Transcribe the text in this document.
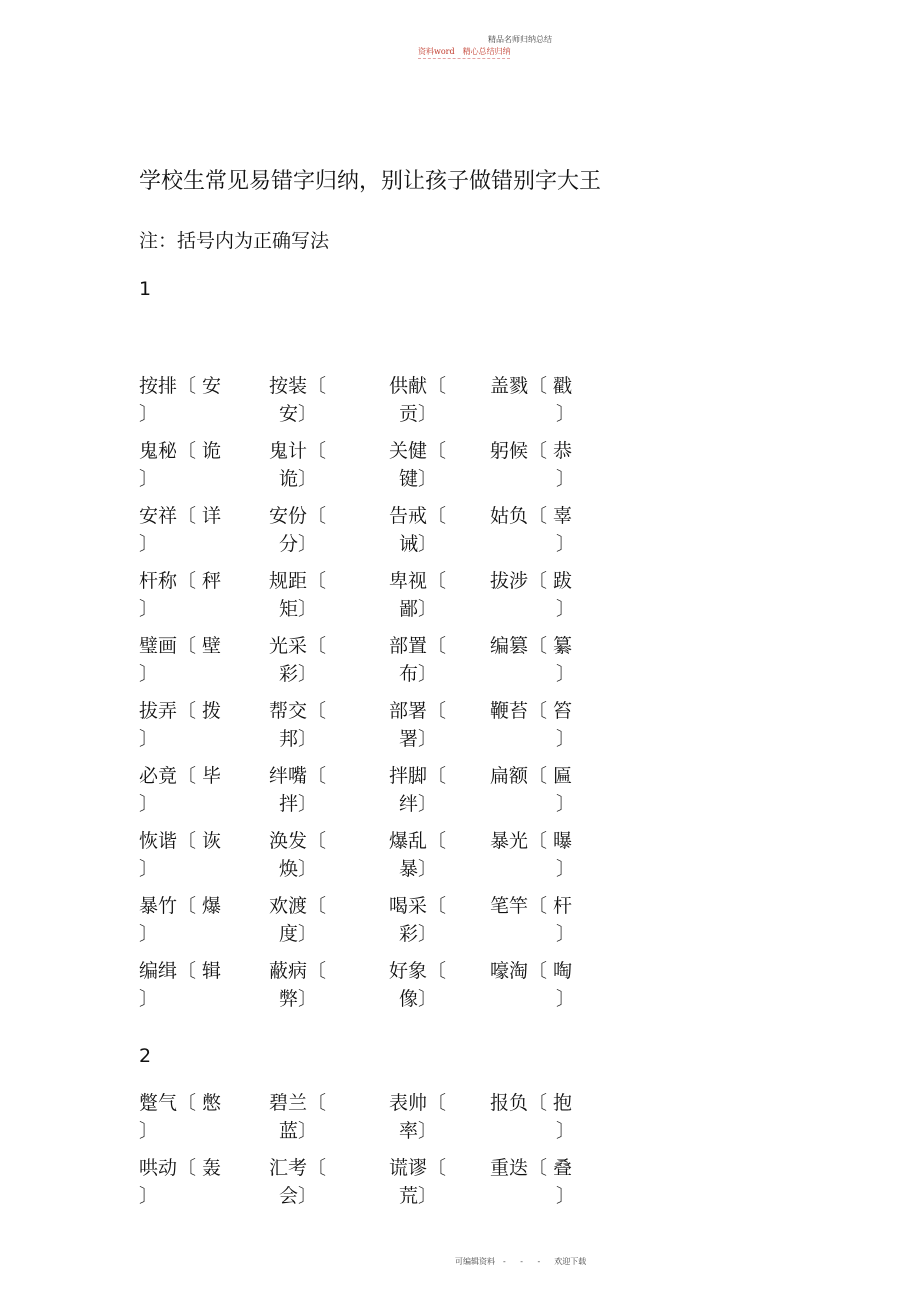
精品名师归纳总结
资料word 精心总结归纳
学校生常见易错字归纳，别让孩子做错别字大王
注：括号内为正确写法
1
按排〔 安
〕
按装〔
安〕
供献〔
贡〕
盖戮〔 戳
〕
鬼秘〔 诡
〕
鬼计〔
诡〕
关健〔
键〕
躬候〔 恭
〕
安祥〔 详
〕
安份〔
分〕
告戒〔
诫〕
姑负〔 辜
〕
杆称〔 秤
〕
规距〔
矩〕
卑视〔
鄙〕
拔涉〔 跋
〕
璧画〔 壁
〕
光采〔
彩〕
部置〔
布〕
编篡〔 纂
〕
拔弄〔 拨
〕
帮交〔
邦〕
部署〔
署〕
鞭苔〔 笞
〕
必竟〔 毕
〕
绊嘴〔
拌〕
拌脚〔
绊〕
扁额〔 匾
〕
恢谐〔 诙
〕
涣发〔
焕〕
爆乱〔
暴〕
暴光〔 曝
〕
暴竹〔 爆
〕
欢渡〔
度〕
喝采〔
彩〕
笔竿〔 杆
〕
编缉〔 辑
〕
蔽病〔
弊〕
好象〔
像〕
嚎淘〔 啕
〕
2
蹩气〔 憋
〕
碧兰〔
蓝〕
表帅〔
率〕
报负〔 抱
〕
哄动〔 轰
〕
汇考〔
会〕
谎谬〔
荒〕
重迭〔 叠
〕
可编辑资料 - - - 欢迎下载
